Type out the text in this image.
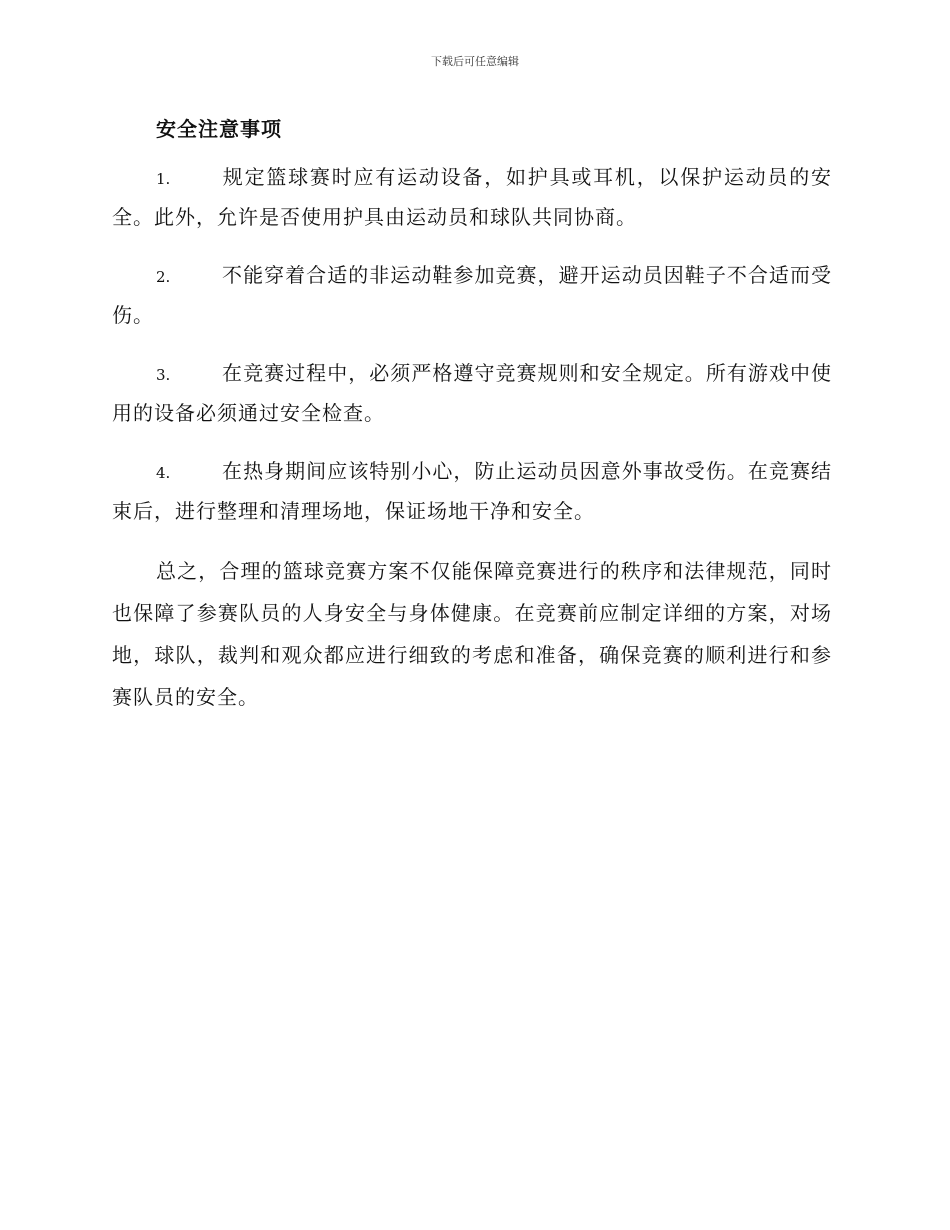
下载后可任意编辑
安全注意事项

1.	规定篮球赛时应有运动设备，如护具或耳机，以保护运动员的安全。此外，允许是否使用护具由运动员和球队共同协商。

2.	不能穿着合适的非运动鞋参加竞赛，避开运动员因鞋子不合适而受伤。

3.	在竞赛过程中，必须严格遵守竞赛规则和安全规定。所有游戏中使用的设备必须通过安全检查。

4.	在热身期间应该特别小心，防止运动员因意外事故受伤。在竞赛结束后，进行整理和清理场地，保证场地干净和安全。

总之，合理的篮球竞赛方案不仅能保障竞赛进行的秩序和法律规范，同时也保障了参赛队员的人身安全与身体健康。在竞赛前应制定详细的方案，对场地，球队，裁判和观众都应进行细致的考虑和准备，确保竞赛的顺利进行和参赛队员的安全。
